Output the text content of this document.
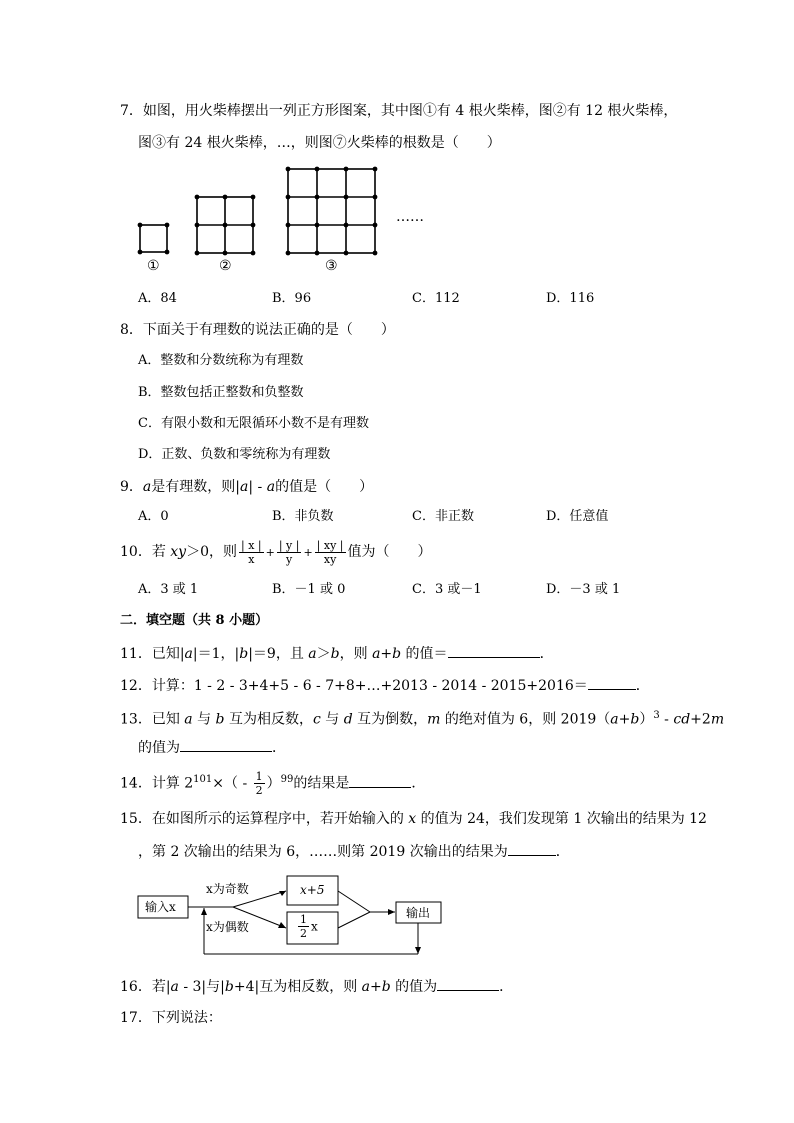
7．如图，用火柴棒摆出一列正方形图案，其中图①有 4 根火柴棒，图②有 12 根火柴棒，
图③有 24 根火柴棒，…，则图⑦火柴棒的根数是（　　）
①	②	③
……
A．84	B．96	C．112	D．116
8．下面关于有理数的说法正确的是（　　）
A．整数和分数统称为有理数
B．整数包括正整数和负整数
C．有限小数和无限循环小数不是有理数
D．正数、负数和零统称为有理数
9．a是有理数，则|a| - a的值是（　　）
A．0	B．非负数	C．非正数	D．任意值
10．若 xy＞0，则 $\frac{| x |}{x} + \frac{| y |}{y} + \frac{| xy |}{xy}$ 值为（　　）
A．3 或 1	B．－1 或 0	C．3 或－1	D．－3 或 1
二．填空题（共 8 小题）
11．已知|a|＝1，|b|＝9，且 a＞b，则 a+b 的值＝	．
12．计算：1 - 2 - 3+4+5 - 6 - 7+8+…+2013 - 2014 - 2015+2016＝	．
13．已知 a 与 b 互为相反数，c 与 d 互为倒数，m 的绝对值为 6，则 $2019(a+b)^3 - cd+2m$
的值为	．
14．计算 $2^{101}\times( - \frac{1}{2} )^{99}$的结果是	．
15．在如图所示的运算程序中，若开始输入的 x 的值为 24，我们发现第 1 次输出的结果为 12
，第 2 次输出的结果为 6，……则第 2019 次输出的结果为	．
输入x
x为奇数
x为偶数
x+5
$\frac{1}{2}$ x
输出
16．若|a - 3|与|b+4|互为相反数，则 a+b 的值为	．
17．下列说法：
